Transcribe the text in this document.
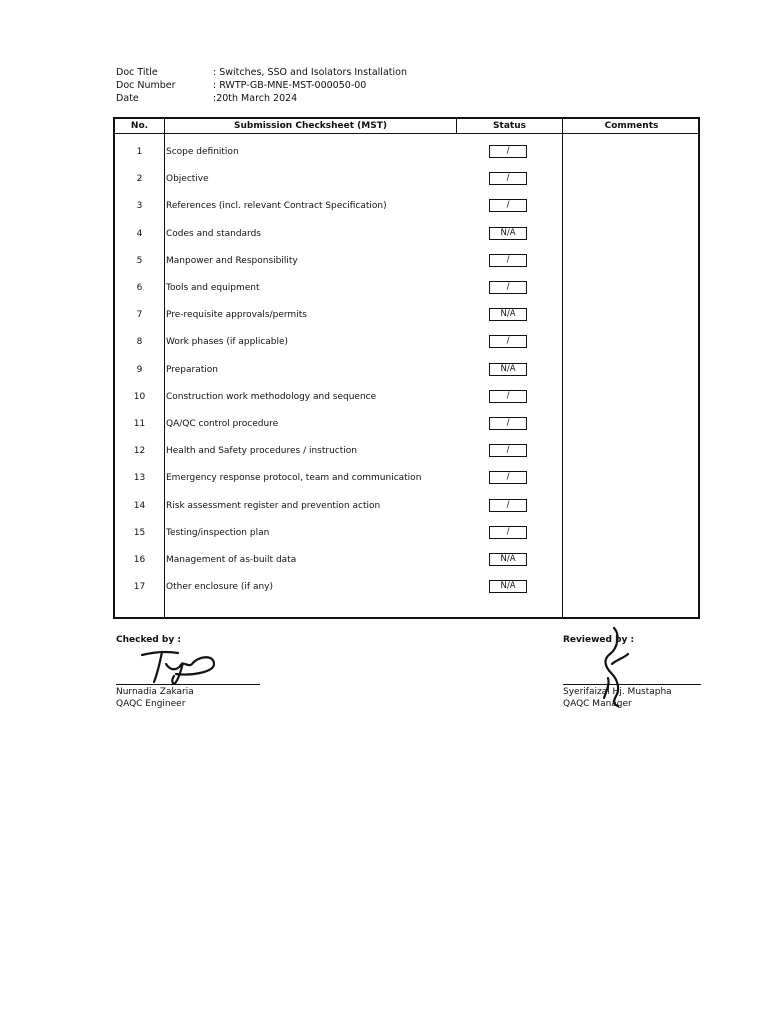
Doc Title	: Switches, SSO and Isolators Installation
Doc Number	: RWTP-GB-MNE-MST-000050-00
Date	:20th March 2024
No.	Submission Checksheet (MST)	Status	Comments
1	Scope definition	/
2	Objective	/
3	References (incl. relevant Contract Specification)	/
4	Codes and standards	N/A
5	Manpower and Responsibility	/
6	Tools and equipment	/
7	Pre-requisite approvals/permits	N/A
8	Work phases (if applicable)	/
9	Preparation	N/A
10	Construction work methodology and sequence	/
11	QA/QC control procedure	/
12	Health and Safety procedures / instruction	/
13	Emergency response protocol, team and communication	/
14	Risk assessment register and prevention action	/
15	Testing/inspection plan	/
16	Management of as-built data	N/A
17	Other enclosure (if any)	N/A
Checked by :
Nurnadia Zakaria
QAQC Engineer
Reviewed by :
Syerifaizal Hj. Mustapha
QAQC Manager
